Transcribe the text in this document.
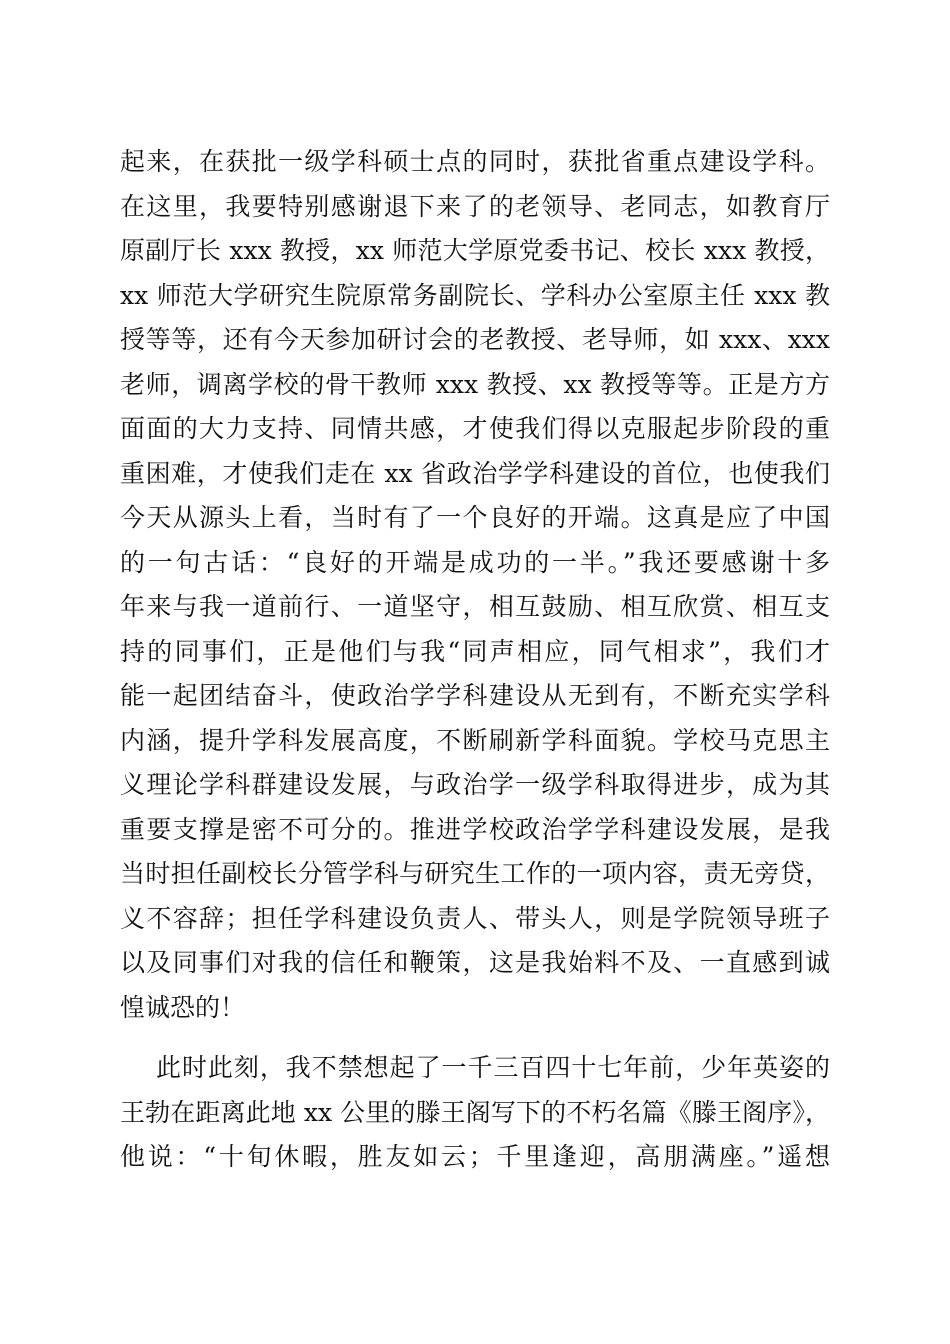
起来，在获批一级学科硕士点的同时，获批省重点建设学科。
在这里，我要特别感谢退下来了的老领导、老同志，如教育厅
原副厅长 xxx 教授，xx 师范大学原党委书记、校长 xxx 教授，
xx 师范大学研究生院原常务副院长、学科办公室原主任 xxx 教
授等等，还有今天参加研讨会的老教授、老导师，如 xxx、xxx
老师，调离学校的骨干教师 xxx 教授、xx 教授等等。正是方方
面面的大力支持、同情共感，才使我们得以克服起步阶段的重
重困难，才使我们走在 xx 省政治学学科建设的首位，也使我们
今天从源头上看，当时有了一个良好的开端。这真是应了中国
的一句古话：“良好的开端是成功的一半。”我还要感谢十多
年来与我一道前行、一道坚守，相互鼓励、相互欣赏、相互支
持的同事们，正是他们与我“同声相应，同气相求”，我们才
能一起团结奋斗，使政治学学科建设从无到有，不断充实学科
内涵，提升学科发展高度，不断刷新学科面貌。学校马克思主
义理论学科群建设发展，与政治学一级学科取得进步，成为其
重要支撑是密不可分的。推进学校政治学学科建设发展，是我
当时担任副校长分管学科与研究生工作的一项内容，责无旁贷，
义不容辞；担任学科建设负责人、带头人，则是学院领导班子
以及同事们对我的信任和鞭策，这是我始料不及、一直感到诚
惶诚恐的！
此时此刻，我不禁想起了一千三百四十七年前，少年英姿的
王勃在距离此地 xx 公里的滕王阁写下的不朽名篇《滕王阁序》，
他说：“十旬休暇，胜友如云；千里逢迎，高朋满座。”遥想
